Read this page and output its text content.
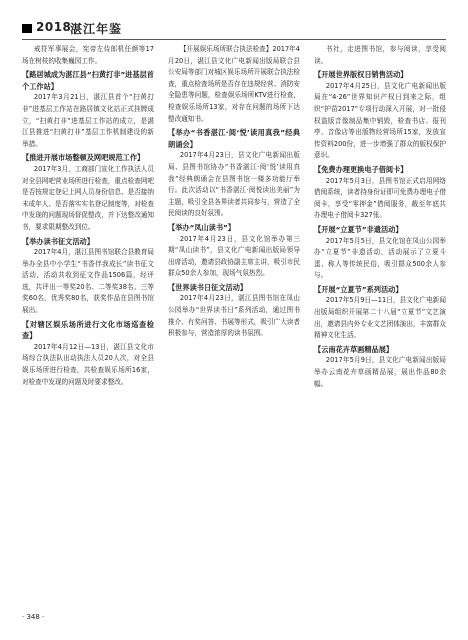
2018
湛江年鉴

戒符军事展会，宪帝左侍郎机任颜等17场在树枝的收集巍园工作。

【路居城成为湛江县“扫黄打非”进基层首个工作站】

2017年3月21日，湛江县首个“扫黄打非”进基层工作站在路居镇文化站正式挂牌成立，“扫黄打非”进基层工作站的成立，是湛江县推进“扫黄打非”基层工作机制建设的新举措。

【推进开展市场整顿及网吧规范工作】

2017年3月，工商部门宣化工作执法人员对全县网吧营业场所进行检查，重点检查网吧是否按规定登记上网人员身份信息、是否接纳未成年人、是否落实实名登记制度等，对检查中发现的问题现场督促整改，并下达整改通知书，要求限期整改到位。

【举办读书征文活动】

2017年4月，湛江县图书馆联合县教育局举办全县中小学生“书香伴我成长”读书征文活动，活动共收到征文作品1506篇，经评选，共评出一等奖20名、二等奖38名、三等奖60名，优秀奖80名，获奖作品在县图书馆展出。

【对辖区娱乐场所进行文化市场巡查检查】

2017年4月12日—13日，湛江县文化市场综合执法队出动执法人员20人次，对全县娱乐场所进行检查，共检查娱乐场所16家，对检查中发现的问题及时要求整改。

【开展娱乐场所联合执法检查】2017年4月20日，湛江县文化广电新闻出版局联合县公安局等部门对城区娱乐场所开展联合执法检查，重点检查场所是否存在违规经营、消防安全隐患等问题，检查娱乐场所KTV进行检查，检查娱乐场所13家，对存在问题的场所下达整改通知书。

【举办“书香湛江·阅‘悦’读用真我”经典朗诵会】

2017年4月23日，县文化广电新闻出版局、县图书馆协办“书香湛江·阅‘悦’读用真我”经典朗诵会在县图书馆一楼多功能厅举行。此次活动以“书香湛江·阅悦读出美丽”为主题，吸引全县各界读者共同参与，营造了全民阅读的良好氛围。

【举办“凤山读书”】

2017年4月23日，县文化馆举办第三期“凤山读书”，县文化广电新闻出版局领导出席活动，邀请县政协副主席主讲，吸引市民群众50余人参加，现场气氛热烈。

【世界读书日征文活动】

2017年4月23日，湛江县图书馆在凤山公园举办“世界读书日”系列活动，通过图书推介、有奖问答、书展等形式，吸引广大读者积极参与，营造浓厚的读书氛围。

书社，走进图书馆，参与阅读，享受阅读。

【开展世界版权日销售活动】

2017年4月25日，县文化广电新闻出版局在“4·26”世界知识产权日到来之际，组织“护苗2017”专项行动深入开展，对一批侵权盗版音像制品集中销毁，检查书店、报刊亭、音像店等出版物经营场所15家，发放宣传资料200份，进一步增强了群众的版权保护意识。

【免费办理更换电子借阅卡】

2017年5月3日，县图书馆正式启用网络借阅系统，读者持身份证即可免费办理电子借阅卡，享受“零押金”借阅服务，截至年底共办理电子借阅卡327张。

【开展“立夏节”非遗活动】

2017年5月5日，县文化馆在凤山公园举办“立夏节”非遗活动，活动展示了立夏斗蛋、称人等传统民俗，吸引群众500余人参与。

【开展“立夏节”系列活动】

2017年5月9日—11日，县文化广电新闻出版局组织开展第二十八届“立夏节”文艺演出，邀请县内外专业文艺团体演出，丰富群众精神文化生活。

【云南花卉草画精品展】

2017年5月9日，县文化广电新闻出版局举办云南花卉草画精品展，展出作品80余幅。

· 348 ·
